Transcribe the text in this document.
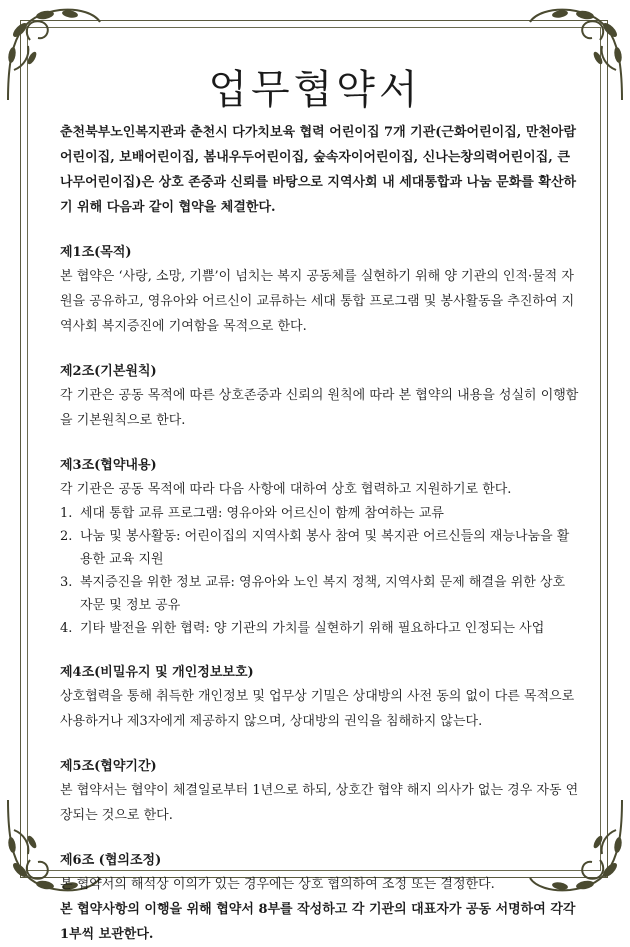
업무협약서

춘천북부노인복지관과 춘천시 다가치보육 협력 어린이집 7개 기관(근화어린이집, 만천아람어린이집, 보배어린이집, 봄내우두어린이집, 숲속자이어린이집, 신나는창의력어린이집, 큰나무어린이집)은 상호 존중과 신뢰를 바탕으로 지역사회 내 세대통합과 나눔 문화를 확산하기 위해 다음과 같이 협약을 체결한다.

제1조(목적)

본 협약은 ‘사랑, 소망, 기쁨’이 넘치는 복지 공동체를 실현하기 위해 양 기관의 인적·물적 자원을 공유하고, 영유아와 어르신이 교류하는 세대 통합 프로그램 및 봉사활동을 추진하여 지역사회 복지증진에 기여함을 목적으로 한다.

제2조(기본원칙)

각 기관은 공동 목적에 따른 상호존중과 신뢰의 원칙에 따라 본 협약의 내용을 성실히 이행함을 기본원칙으로 한다.

제3조(협약내용)

각 기관은 공동 목적에 따라 다음 사항에 대하여 상호 협력하고 지원하기로 한다.

1. 세대 통합 교류 프로그램: 영유아와 어르신이 함께 참여하는 교류
2. 나눔 및 봉사활동: 어린이집의 지역사회 봉사 참여 및 복지관 어르신들의 재능나눔을 활용한 교육 지원
3. 복지증진을 위한 정보 교류: 영유아와 노인 복지 정책, 지역사회 문제 해결을 위한 상호 자문 및 정보 공유
4. 기타 발전을 위한 협력: 양 기관의 가치를 실현하기 위해 필요하다고 인정되는 사업

제4조(비밀유지 및 개인정보보호)

상호협력을 통해 취득한 개인정보 및 업무상 기밀은 상대방의 사전 동의 없이 다른 목적으로 사용하거나 제3자에게 제공하지 않으며, 상대방의 권익을 침해하지 않는다.

제5조(협약기간)

본 협약서는 협약이 체결일로부터 1년으로 하되, 상호간 협약 해지 의사가 없는 경우 자동 연장되는 것으로 한다.

제6조 (협의조정)

본 협약서의 해석상 이의가 있는 경우에는 상호 협의하여 조정 또는 결정한다.

본 협약사항의 이행을 위해 협약서 8부를 작성하고 각 기관의 대표자가 공동 서명하여 각각 1부씩 보관한다.
